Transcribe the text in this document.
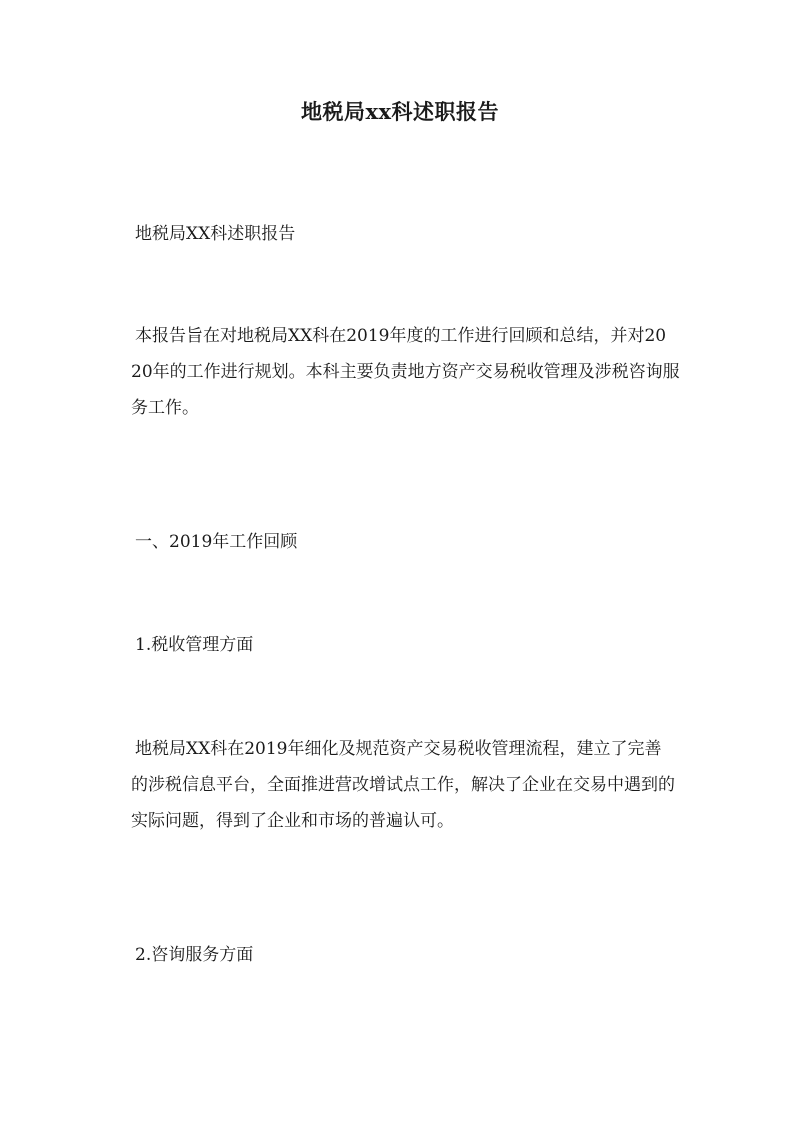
地税局xx科述职报告
地税局XX科述职报告
本报告旨在对地税局XX科在2019年度的工作进行回顾和总结，并对20
20年的工作进行规划。本科主要负责地方资产交易税收管理及涉税咨询服
务工作。
一、2019年工作回顾
1.税收管理方面
地税局XX科在2019年细化及规范资产交易税收管理流程，建立了完善
的涉税信息平台，全面推进营改增试点工作，解决了企业在交易中遇到的
实际问题，得到了企业和市场的普遍认可。
2.咨询服务方面
